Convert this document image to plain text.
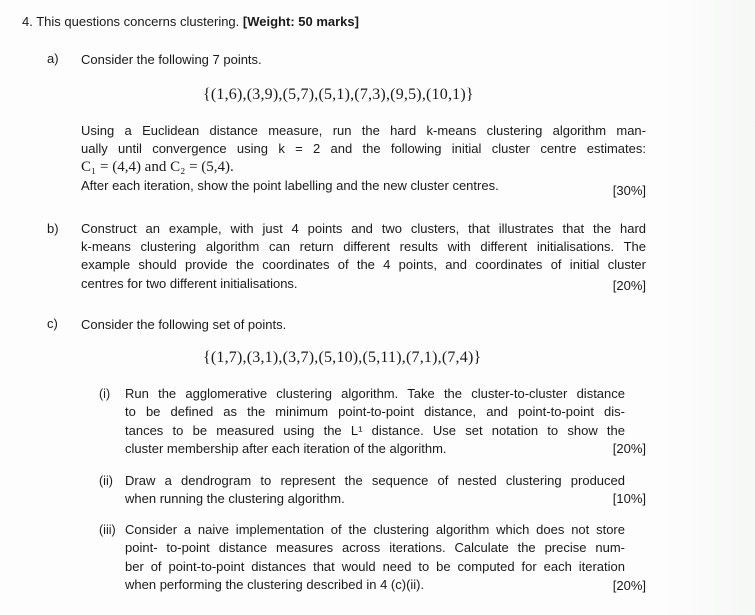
4. This questions concerns clustering. [Weight: 50 marks]
a) Consider the following 7 points.
{(1,6),(3,9),(5,7),(5,1),(7,3),(9,5),(10,1)}
Using a Euclidean distance measure, run the hard k-means clustering algorithm man-
ually until convergence using k = 2 and the following initial cluster centre estimates:
C₁ = (4,4) and C₂ = (5,4).
After each iteration, show the point labelling and the new cluster centres.	[30%]
b) Construct an example, with just 4 points and two clusters, that illustrates that the hard
k-means clustering algorithm can return different results with different initialisations. The
example should provide the coordinates of the 4 points, and coordinates of initial cluster
centres for two different initialisations.	[20%]
c) Consider the following set of points.
{(1,7),(3,1),(3,7),(5,10),(5,11),(7,1),(7,4)}
(i) Run the agglomerative clustering algorithm. Take the cluster-to-cluster distance
to be defined as the minimum point-to-point distance, and point-to-point dis-
tances to be measured using the L¹ distance. Use set notation to show the
cluster membership after each iteration of the algorithm.	[20%]
(ii) Draw a dendrogram to represent the sequence of nested clustering produced
when running the clustering algorithm.	[10%]
(iii) Consider a naive implementation of the clustering algorithm which does not store
point- to-point distance measures across iterations. Calculate the precise num-
ber of point-to-point distances that would need to be computed for each iteration
when performing the clustering described in 4 (c)(ii).	[20%]
